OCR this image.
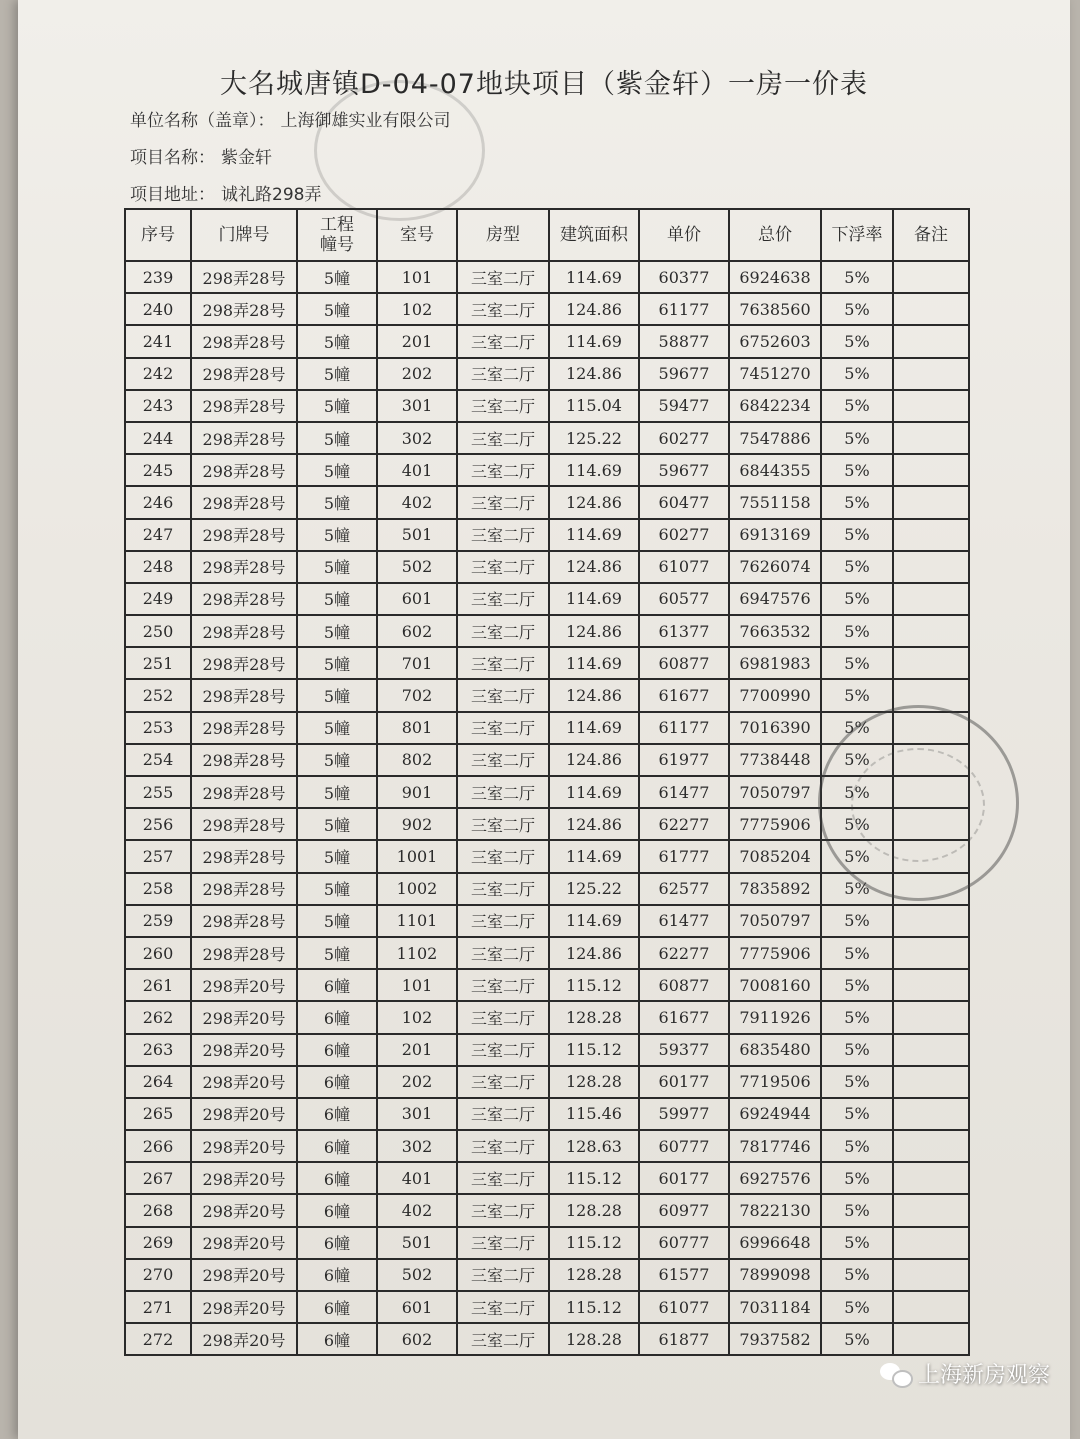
大名城唐镇D-04-07地块项目（紫金轩）一房一价表
单位名称（盖章）： 上海御雄实业有限公司
项目名称： 紫金轩
项目地址： 诚礼路298弄
序号	门牌号	工程幢号	室号	房型	建筑面积	单价	总价	下浮率	备注
239	298弄28号	5幢	101	三室二厅	114.69	60377	6924638	5%	
240	298弄28号	5幢	102	三室二厅	124.86	61177	7638560	5%	
241	298弄28号	5幢	201	三室二厅	114.69	58877	6752603	5%	
242	298弄28号	5幢	202	三室二厅	124.86	59677	7451270	5%	
243	298弄28号	5幢	301	三室二厅	115.04	59477	6842234	5%	
244	298弄28号	5幢	302	三室二厅	125.22	60277	7547886	5%	
245	298弄28号	5幢	401	三室二厅	114.69	59677	6844355	5%	
246	298弄28号	5幢	402	三室二厅	124.86	60477	7551158	5%	
247	298弄28号	5幢	501	三室二厅	114.69	60277	6913169	5%	
248	298弄28号	5幢	502	三室二厅	124.86	61077	7626074	5%	
249	298弄28号	5幢	601	三室二厅	114.69	60577	6947576	5%	
250	298弄28号	5幢	602	三室二厅	124.86	61377	7663532	5%	
251	298弄28号	5幢	701	三室二厅	114.69	60877	6981983	5%	
252	298弄28号	5幢	702	三室二厅	124.86	61677	7700990	5%	
253	298弄28号	5幢	801	三室二厅	114.69	61177	7016390	5%	
254	298弄28号	5幢	802	三室二厅	124.86	61977	7738448	5%	
255	298弄28号	5幢	901	三室二厅	114.69	61477	7050797	5%	
256	298弄28号	5幢	902	三室二厅	124.86	62277	7775906	5%	
257	298弄28号	5幢	1001	三室二厅	114.69	61777	7085204	5%	
258	298弄28号	5幢	1002	三室二厅	125.22	62577	7835892	5%	
259	298弄28号	5幢	1101	三室二厅	114.69	61477	7050797	5%	
260	298弄28号	5幢	1102	三室二厅	124.86	62277	7775906	5%	
261	298弄20号	6幢	101	三室二厅	115.12	60877	7008160	5%	
262	298弄20号	6幢	102	三室二厅	128.28	61677	7911926	5%	
263	298弄20号	6幢	201	三室二厅	115.12	59377	6835480	5%	
264	298弄20号	6幢	202	三室二厅	128.28	60177	7719506	5%	
265	298弄20号	6幢	301	三室二厅	115.46	59977	6924944	5%	
266	298弄20号	6幢	302	三室二厅	128.63	60777	7817746	5%	
267	298弄20号	6幢	401	三室二厅	115.12	60177	6927576	5%	
268	298弄20号	6幢	402	三室二厅	128.28	60977	7822130	5%	
269	298弄20号	6幢	501	三室二厅	115.12	60777	6996648	5%	
270	298弄20号	6幢	502	三室二厅	128.28	61577	7899098	5%	
271	298弄20号	6幢	601	三室二厅	115.12	61077	7031184	5%	
272	298弄20号	6幢	602	三室二厅	128.28	61877	7937582	5%	
上海新房观察
